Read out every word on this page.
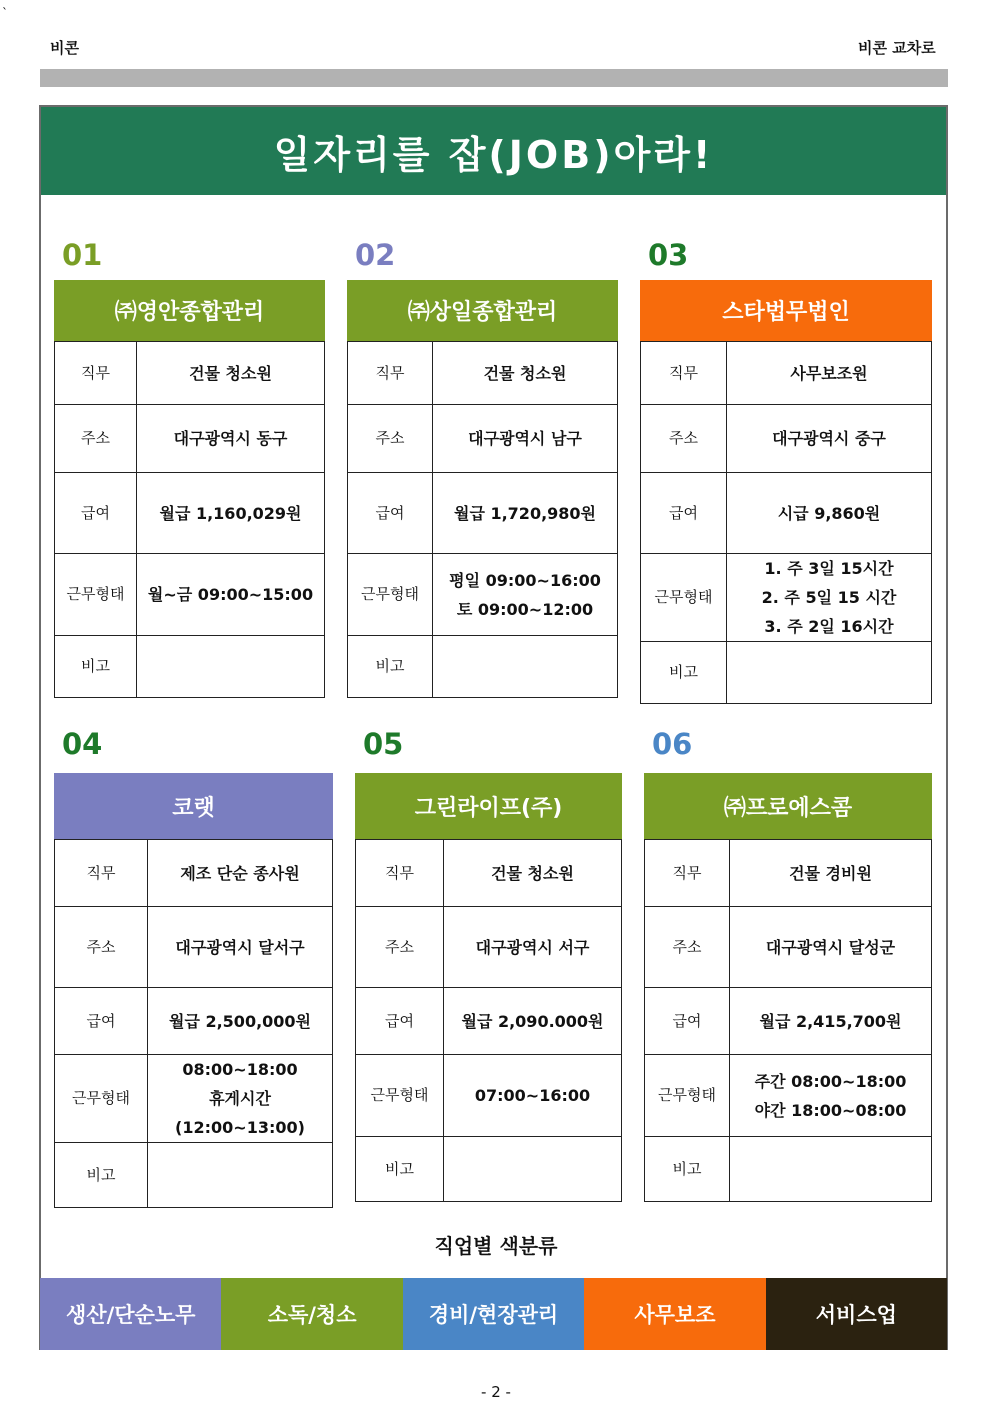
`
비콘	비콘 교차로
일자리를 잡(JOB)아라!
01	02	03
04	05	06
㈜영안종합관리
직무	건물 청소원
주소	대구광역시 동구
급여	월급 1,160,029원
근무형태	월~금 09:00~15:00

비고	
㈜상일종합관리
직무	건물 청소원
주소	대구광역시 남구
급여	월급 1,720,980원
근무형태	평일 09:00~16:00
토 09:00~12:00

비고	
스타법무법인
직무	사무보조원
주소	대구광역시 중구
급여	시급 9,860원
근무형태	1. 주 3일 15시간
2. 주 5일 15 시간
3. 주 2일 16시간

비고	
코랫
직무	제조 단순 종사원
주소	대구광역시 달서구
급여	월급 2,500,000원
근무형태	08:00~18:00
휴게시간
(12:00~13:00)

비고	
그린라이프(주)
직무	건물 청소원
주소	대구광역시 서구
급여	월급 2,090.000원
근무형태	07:00~16:00

비고	
㈜프로에스콤
직무	건물 경비원
주소	대구광역시 달성군
급여	월급 2,415,700원
근무형태	주간 08:00~18:00
야간 18:00~08:00

비고	
직업별 색분류
생산/단순노무	소독/청소	경비/현장관리	사무보조	서비스업
- 2 -
